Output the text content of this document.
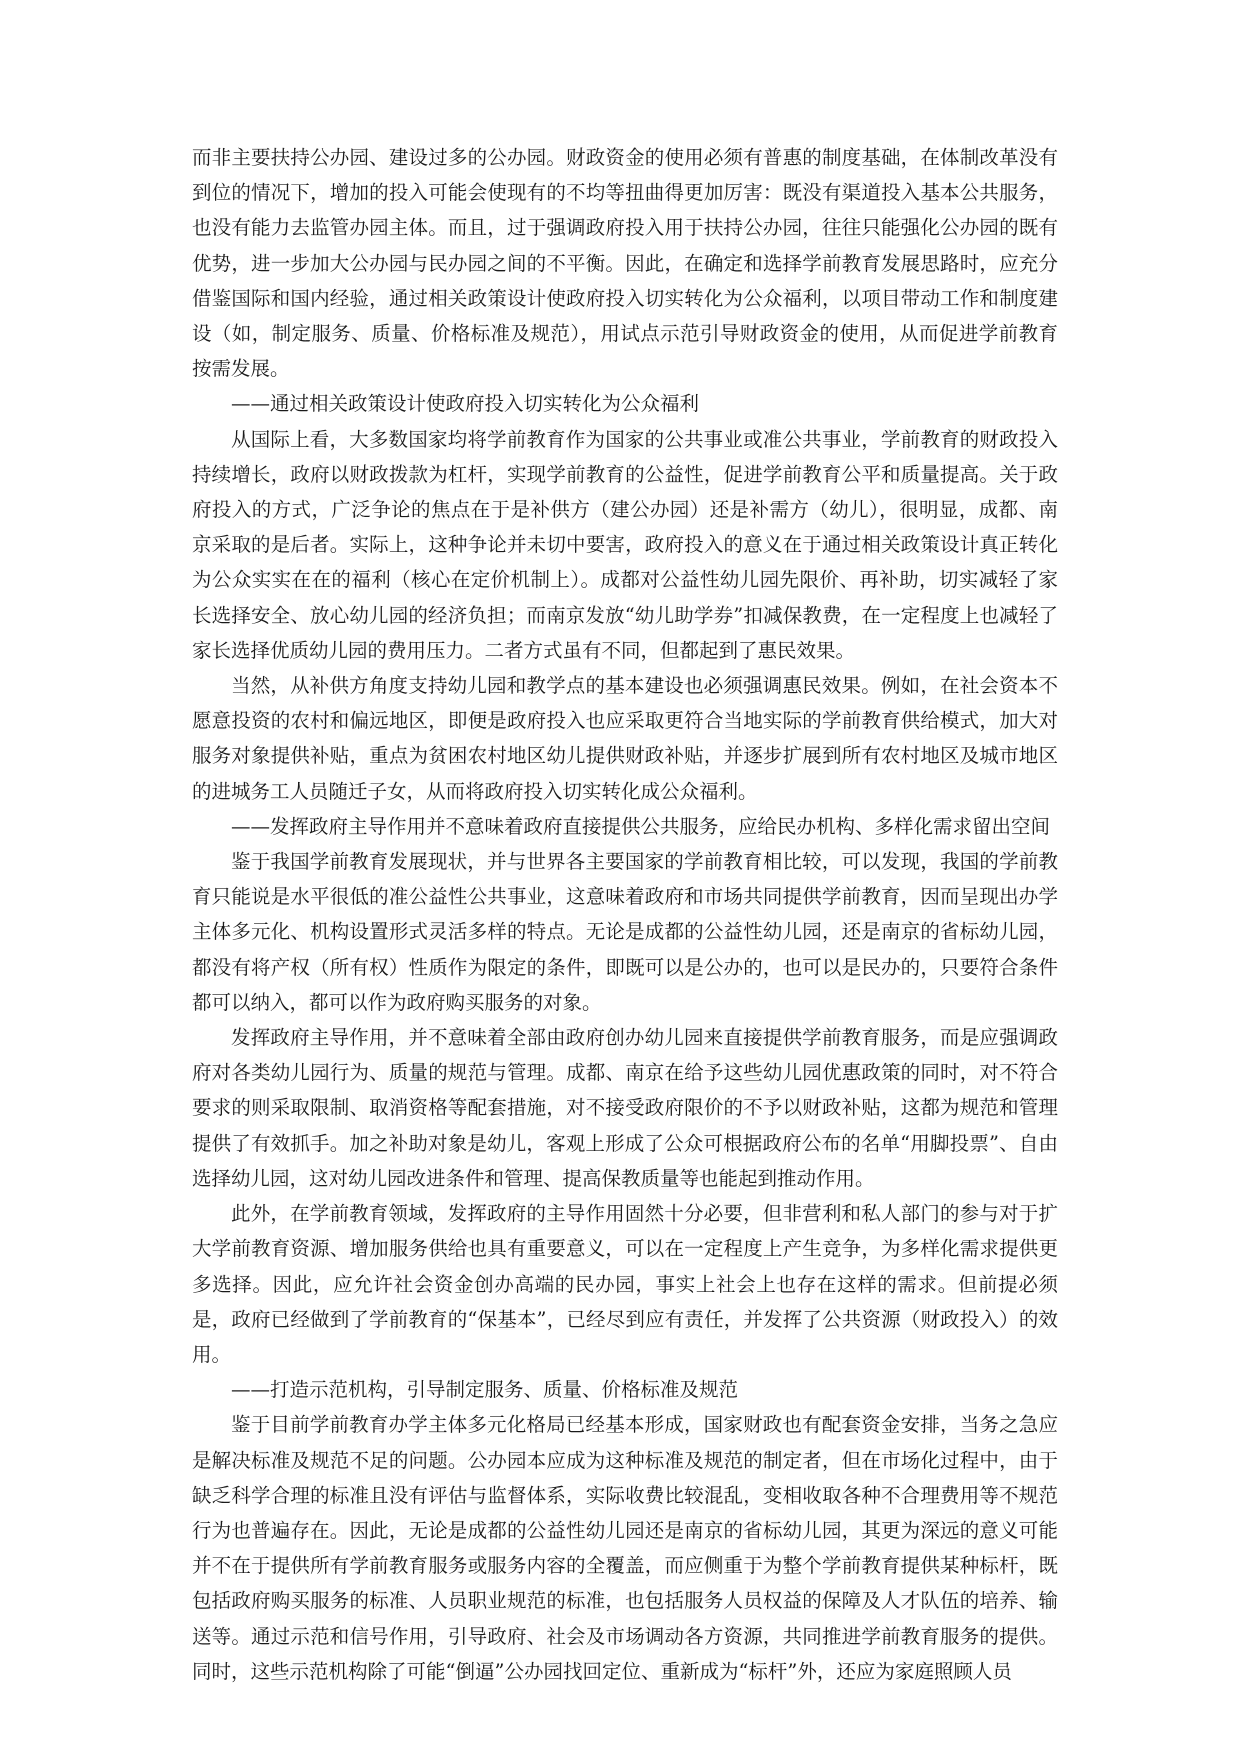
而非主要扶持公办园、建设过多的公办园。财政资金的使用必须有普惠的制度基础，在体制改革没有到位的情况下，增加的投入可能会使现有的不均等扭曲得更加厉害：既没有渠道投入基本公共服务，也没有能力去监管办园主体。而且，过于强调政府投入用于扶持公办园，往往只能强化公办园的既有优势，进一步加大公办园与民办园之间的不平衡。因此，在确定和选择学前教育发展思路时，应充分借鉴国际和国内经验，通过相关政策设计使政府投入切实转化为公众福利，以项目带动工作和制度建设（如，制定服务、质量、价格标准及规范），用试点示范引导财政资金的使用，从而促进学前教育按需发展。

——通过相关政策设计使政府投入切实转化为公众福利

从国际上看，大多数国家均将学前教育作为国家的公共事业或准公共事业，学前教育的财政投入持续增长，政府以财政拨款为杠杆，实现学前教育的公益性，促进学前教育公平和质量提高。关于政府投入的方式，广泛争论的焦点在于是补供方（建公办园）还是补需方（幼儿），很明显，成都、南京采取的是后者。实际上，这种争论并未切中要害，政府投入的意义在于通过相关政策设计真正转化为公众实实在在的福利（核心在定价机制上）。成都对公益性幼儿园先限价、再补助，切实减轻了家长选择安全、放心幼儿园的经济负担；而南京发放“幼儿助学券”扣减保教费，在一定程度上也减轻了家长选择优质幼儿园的费用压力。二者方式虽有不同，但都起到了惠民效果。

当然，从补供方角度支持幼儿园和教学点的基本建设也必须强调惠民效果。例如，在社会资本不愿意投资的农村和偏远地区，即便是政府投入也应采取更符合当地实际的学前教育供给模式，加大对服务对象提供补贴，重点为贫困农村地区幼儿提供财政补贴，并逐步扩展到所有农村地区及城市地区的进城务工人员随迁子女，从而将政府投入切实转化成公众福利。

——发挥政府主导作用并不意味着政府直接提供公共服务，应给民办机构、多样化需求留出空间

鉴于我国学前教育发展现状，并与世界各主要国家的学前教育相比较，可以发现，我国的学前教育只能说是水平很低的准公益性公共事业，这意味着政府和市场共同提供学前教育，因而呈现出办学主体多元化、机构设置形式灵活多样的特点。无论是成都的公益性幼儿园，还是南京的省标幼儿园，都没有将产权（所有权）性质作为限定的条件，即既可以是公办的，也可以是民办的，只要符合条件都可以纳入，都可以作为政府购买服务的对象。

发挥政府主导作用，并不意味着全部由政府创办幼儿园来直接提供学前教育服务，而是应强调政府对各类幼儿园行为、质量的规范与管理。成都、南京在给予这些幼儿园优惠政策的同时，对不符合要求的则采取限制、取消资格等配套措施，对不接受政府限价的不予以财政补贴，这都为规范和管理提供了有效抓手。加之补助对象是幼儿，客观上形成了公众可根据政府公布的名单“用脚投票”、自由选择幼儿园，这对幼儿园改进条件和管理、提高保教质量等也能起到推动作用。

此外，在学前教育领域，发挥政府的主导作用固然十分必要，但非营利和私人部门的参与对于扩大学前教育资源、增加服务供给也具有重要意义，可以在一定程度上产生竞争，为多样化需求提供更多选择。因此，应允许社会资金创办高端的民办园，事实上社会上也存在这样的需求。但前提必须是，政府已经做到了学前教育的“保基本”，已经尽到应有责任，并发挥了公共资源（财政投入）的效用。

——打造示范机构，引导制定服务、质量、价格标准及规范

鉴于目前学前教育办学主体多元化格局已经基本形成，国家财政也有配套资金安排，当务之急应是解决标准及规范不足的问题。公办园本应成为这种标准及规范的制定者，但在市场化过程中，由于缺乏科学合理的标准且没有评估与监督体系，实际收费比较混乱，变相收取各种不合理费用等不规范行为也普遍存在。因此，无论是成都的公益性幼儿园还是南京的省标幼儿园，其更为深远的意义可能并不在于提供所有学前教育服务或服务内容的全覆盖，而应侧重于为整个学前教育提供某种标杆，既包括政府购买服务的标准、人员职业规范的标准，也包括服务人员权益的保障及人才队伍的培养、输送等。通过示范和信号作用，引导政府、社会及市场调动各方资源，共同推进学前教育服务的提供。同时，这些示范机构除了可能“倒逼”公办园找回定位、重新成为“标杆”外，还应为家庭照顾人员
